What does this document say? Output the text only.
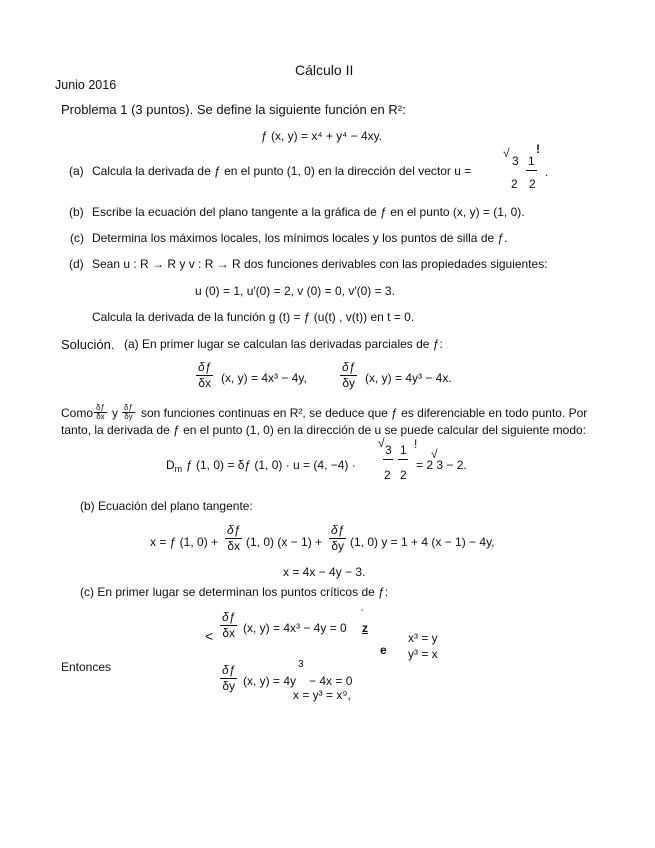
Cálculo II
Junio 2016
Problema 1 (3 puntos). Se define la siguiente función en R²:
ƒ (x, y) = x⁴ + y⁴ − 4xy.
(a) Calcula la derivada de ƒ en el punto (1, 0) en la dirección del vector u =
√
3
2
1
2
!
.
(b) Escribe la ecuación del plano tangente a la gráfica de ƒ en el punto (x, y) = (1, 0).
(c) Determina los máximos locales, los mínimos locales y los puntos de silla de ƒ.
(d) Sean u : R → R y v : R → R dos funciones derivables con las propiedades siguientes:
u (0) = 1, u′(0) = 2, v (0) = 0, v′(0) = 3.
Calcula la derivada de la función g (t) = ƒ (u(t) , v(t)) en t = 0.
Solución. (a) En primer lugar se calculan las derivadas parciales de ƒ:
$\frac{\delta ƒ}{\delta x} (x$, y) = 4x³ − 4y,	$\frac{\delta ƒ}{\delta y} (x$, y) = 4y³ − 4x.
Como $\frac{\delta ƒ}{\delta x}$ y $\frac{\delta ƒ}{\delta y}$ son funciones continuas en R², se deduce que ƒ es diferenciable en todo punto. Por
tanto, la derivada de ƒ en el punto (1, 0) en la dirección de u se puede calcular del siguiente modo:
$D_m$ ƒ (1, 0) = δƒ (1, 0) · u = (4, −4) ·
√ 3
2
1
2
!
√
= 2 3 − 2.
(b) Ecuación del plano tangente:
x = ƒ (1, $0) + \frac{\delta ƒ}{\delta x} (1$, 0) $(x - 1) + \frac{\delta ƒ}{\delta y} (1$, 0) y = 1 + 4 (x − 1) − 4y,
x = 4x − 4y − 3.
(c) En primer lugar se determinan los puntos críticos de ƒ:
< $\frac{\delta ƒ}{\delta x} (x$, y) = 4x³ − 4y = 0
´
z
e
x³ = y
y³ = x
Entonces	$\frac{\delta ƒ}{\delta y} (x$, y) = 4y
3
− 4x = 0
x = y³ = x⁹,
